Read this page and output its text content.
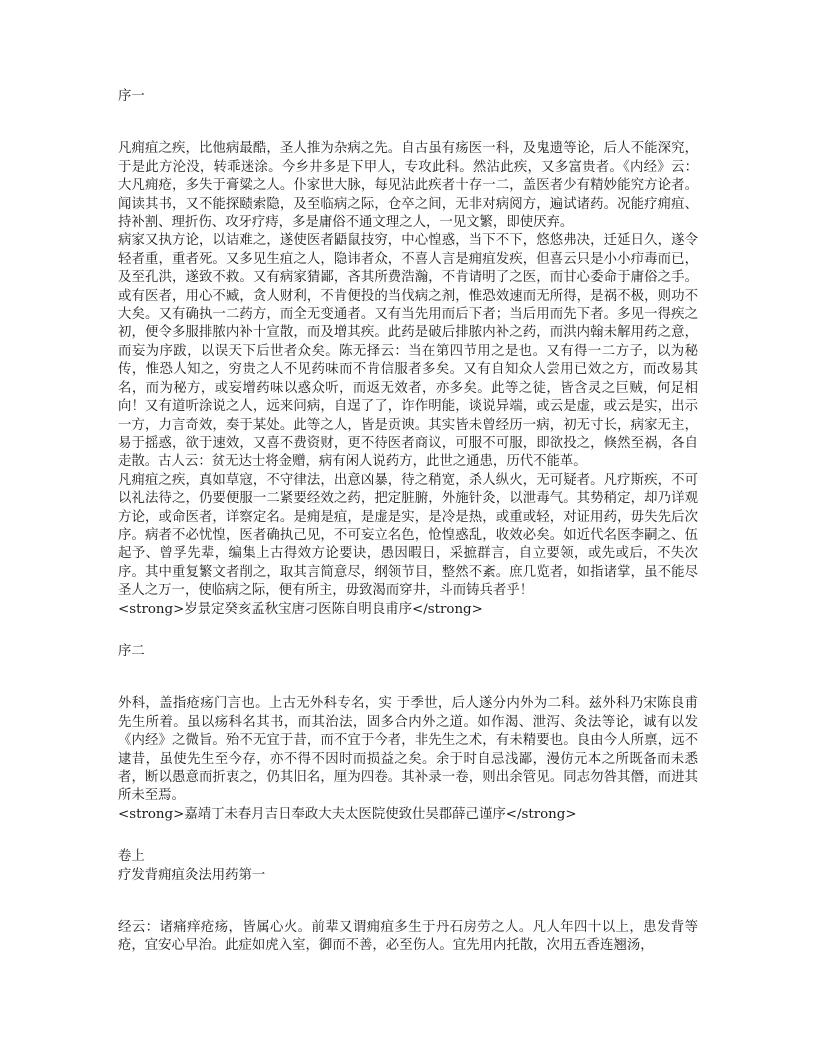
序一

凡痈疽之疾，比他病最酷，圣人推为杂病之先。自古虽有疡医一科，及鬼遗等论，后人不能深究，于是此方沦没，转乖迷涂。今乡井多是下甲人，专攻此科。然沾此疾，又多富贵者。《内经》云：大凡痈疮，多失于膏粱之人。仆家世大脉，每见沾此疾者十存一二，盖医者少有精妙能究方论者。闻读其书，又不能探赜索隐，及至临病之际，仓卒之间，无非对病阅方，遍试诸药。况能疗痈疽、持补割、理折伤、攻牙疗痔，多是庸俗不通文理之人，一见文繁，即使厌弃。

病家又执方论，以诘难之，遂使医者鼯鼠技穷，中心惶惑，当下不下，悠悠弗决，迁延日久，遂令轻者重，重者死。又多见生疽之人，隐讳者众，不喜人言是痈疽发疾，但喜云只是小小疖毒而已，及至孔洪，遂致不救。又有病家猜鄙，吝其所费浩瀚，不肯请明了之医，而甘心委命于庸俗之手。或有医者，用心不臧，贪人财利，不肯便投的当伐病之剂，惟恐效速而无所得，是祸不极，则功不大矣。又有确执一二药方，而全无变通者。又有当先用而后下者；当后用而先下者。多见一得疾之初，便令多服排脓内补十宣散，而及增其疾。此药是破后排脓内补之药，而洪内翰未解用药之意，而妄为序跋，以误天下后世者众矣。陈无择云：当在第四节用之是也。又有得一二方子，以为秘传，惟恐人知之，穷贵之人不见药味而不肯信服者多矣。又有自知众人尝用已效之方，而改易其名，而为秘方，或妄增药味以惑众听，而返无效者，亦多矣。此等之徒，皆含灵之巨贼，何足相向！又有道听涂说之人，远来问病，自逞了了，诈作明能，谈说异端，或云是虚，或云是实，出示一方，力言奇效，奏于某处。此等之人，皆是贡谀。其实皆未曾经历一病，初无寸长，病家无主，易于摇惑，欲于速效，又喜不费资财，更不待医者商议，可服不可服，即欲投之，倏然至祸，各自走散。古人云：贫无达士将金赠，病有闲人说药方，此世之通患，历代不能革。

凡痈疽之疾，真如草寇，不守律法，出意凶暴，待之稍宽，杀人纵火，无可疑者。凡疗斯疾，不可以礼法待之，仍要便服一二紧要经效之药，把定脏腑，外施针灸，以泄毒气。其势稍定，却乃详观方论，或命医者，详察定名。是痈是疽，是虚是实，是冷是热，或重或轻，对证用药，毋失先后次序。病者不必忧惶，医者确执己见，不可妄立名色，怆惶惑乱，收效必矣。如近代名医李嗣之、伍起予、曾孚先辈，编集上古得效方论要诀，愚因暇日，采摭群言，自立要领，或先或后，不失次序。其中重复繁文者削之，取其言简意尽，纲领节目，整然不紊。庶几览者，如指诸掌，虽不能尽圣人之万一，使临病之际，便有所主，毋致渴而穿井，斗而铸兵者乎！

<strong>岁景定癸亥孟秋宝唐刁医陈自明良甫序</strong>

序二

外科，盖指疮疡门言也。上古无外科专名，实 于季世，后人遂分内外为二科。兹外科乃宋陈良甫先生所着。虽以疡科名其书，而其治法，固多合内外之道。如作渴、泄泻、灸法等论，诚有以发《内经》之微旨。殆不无宜于昔，而不宜于今者，非先生之术，有未精要也。良由今人所禀，远不逮昔，虽使先生至今存，亦不得不因时而损益之矣。余于时自忌浅鄙，漫仿元本之所既备而未悉者，断以愚意而折衷之，仍其旧名，厘为四卷。其补录一卷，则出余管见。同志勿咎其僭，而进其所未至焉。

<strong>嘉靖丁未春月吉日奉政大夫太医院使致仕吴郡薛己谨序</strong>

卷上
疗发背痈疽灸法用药第一

经云：诸痛痒疮疡，皆属心火。前辈又谓痈疽多生于丹石房劳之人。凡人年四十以上，患发背等疮，宜安心早治。此症如虎入室，御而不善，必至伤人。宜先用内托散，次用五香连翘汤，
